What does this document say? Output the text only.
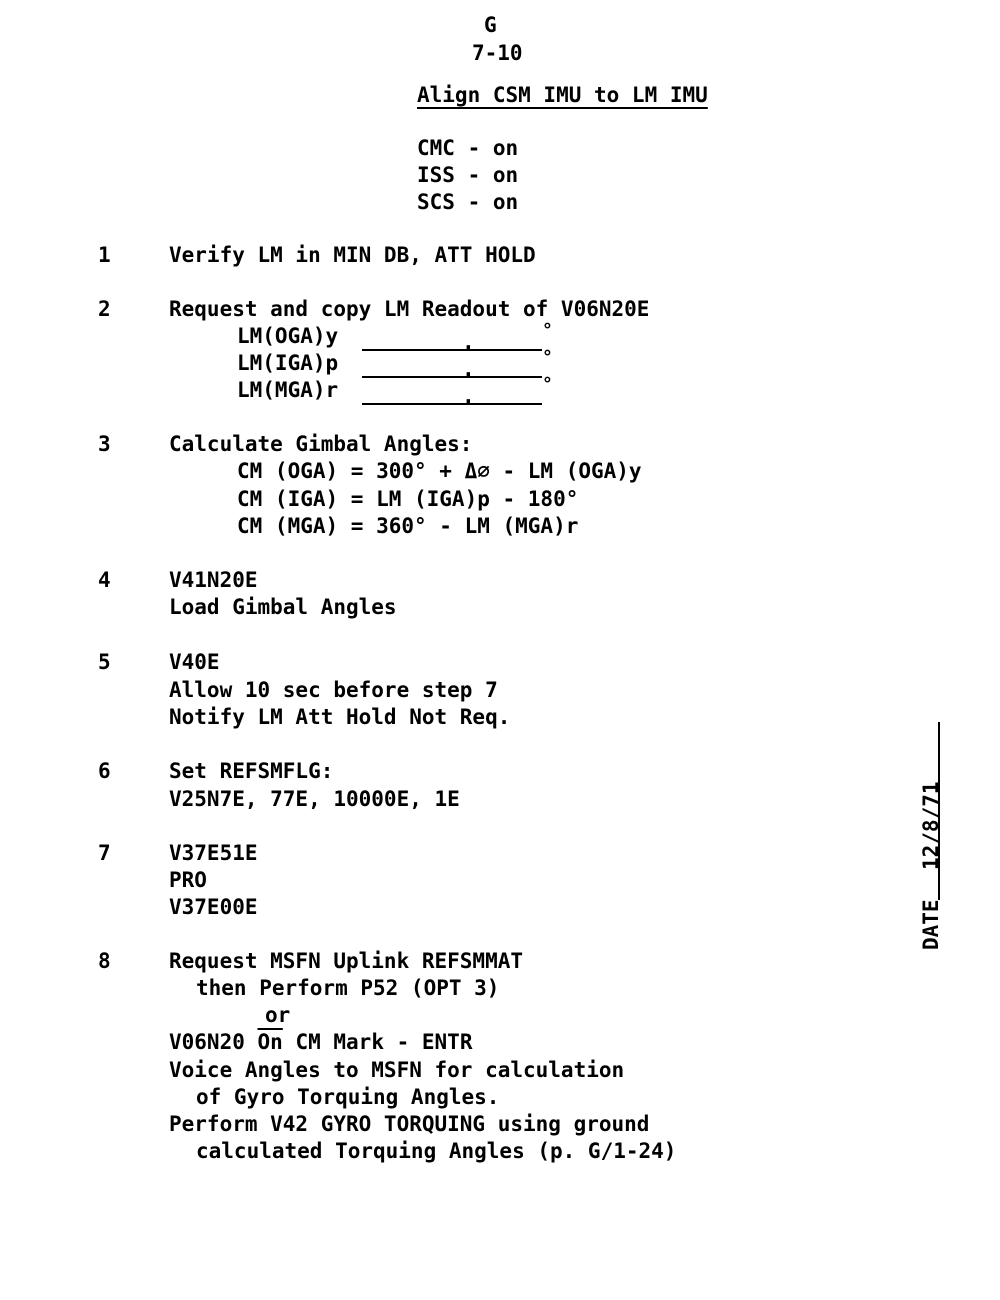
G
7-10
Align CSM IMU to LM IMU
CMC - on
ISS - on
SCS - on
1	Verify LM in MIN DB, ATT HOLD
2	Request and copy LM Readout of V06N20E
LM(OGA)y	.	°
LM(IGA)p	.	°
LM(MGA)r	.	°
3	Calculate Gimbal Angles:
CM (OGA) = 300° + Δ∅ - LM (OGA)y
CM (IGA) = LM (IGA)p - 180°
CM (MGA) = 360° - LM (MGA)r
4	V41N20E
Load Gimbal Angles
5	V40E
Allow 10 sec before step 7
Notify LM Att Hold Not Req.
6	Set REFSMFLG:
V25N7E, 77E, 10000E, 1E
7	V37E51E
PRO
V37E00E
8	Request MSFN Uplink REFSMMAT
then Perform P52 (OPT 3)
or
V06N20 $\overline{On}$ CM Mark - ENTR
Voice Angles to MSFN for calculation
of Gyro Torquing Angles.
Perform V42 GYRO TORQUING using ground
calculated Torquing Angles (p. G/1-24)
DATE
12/8/71
